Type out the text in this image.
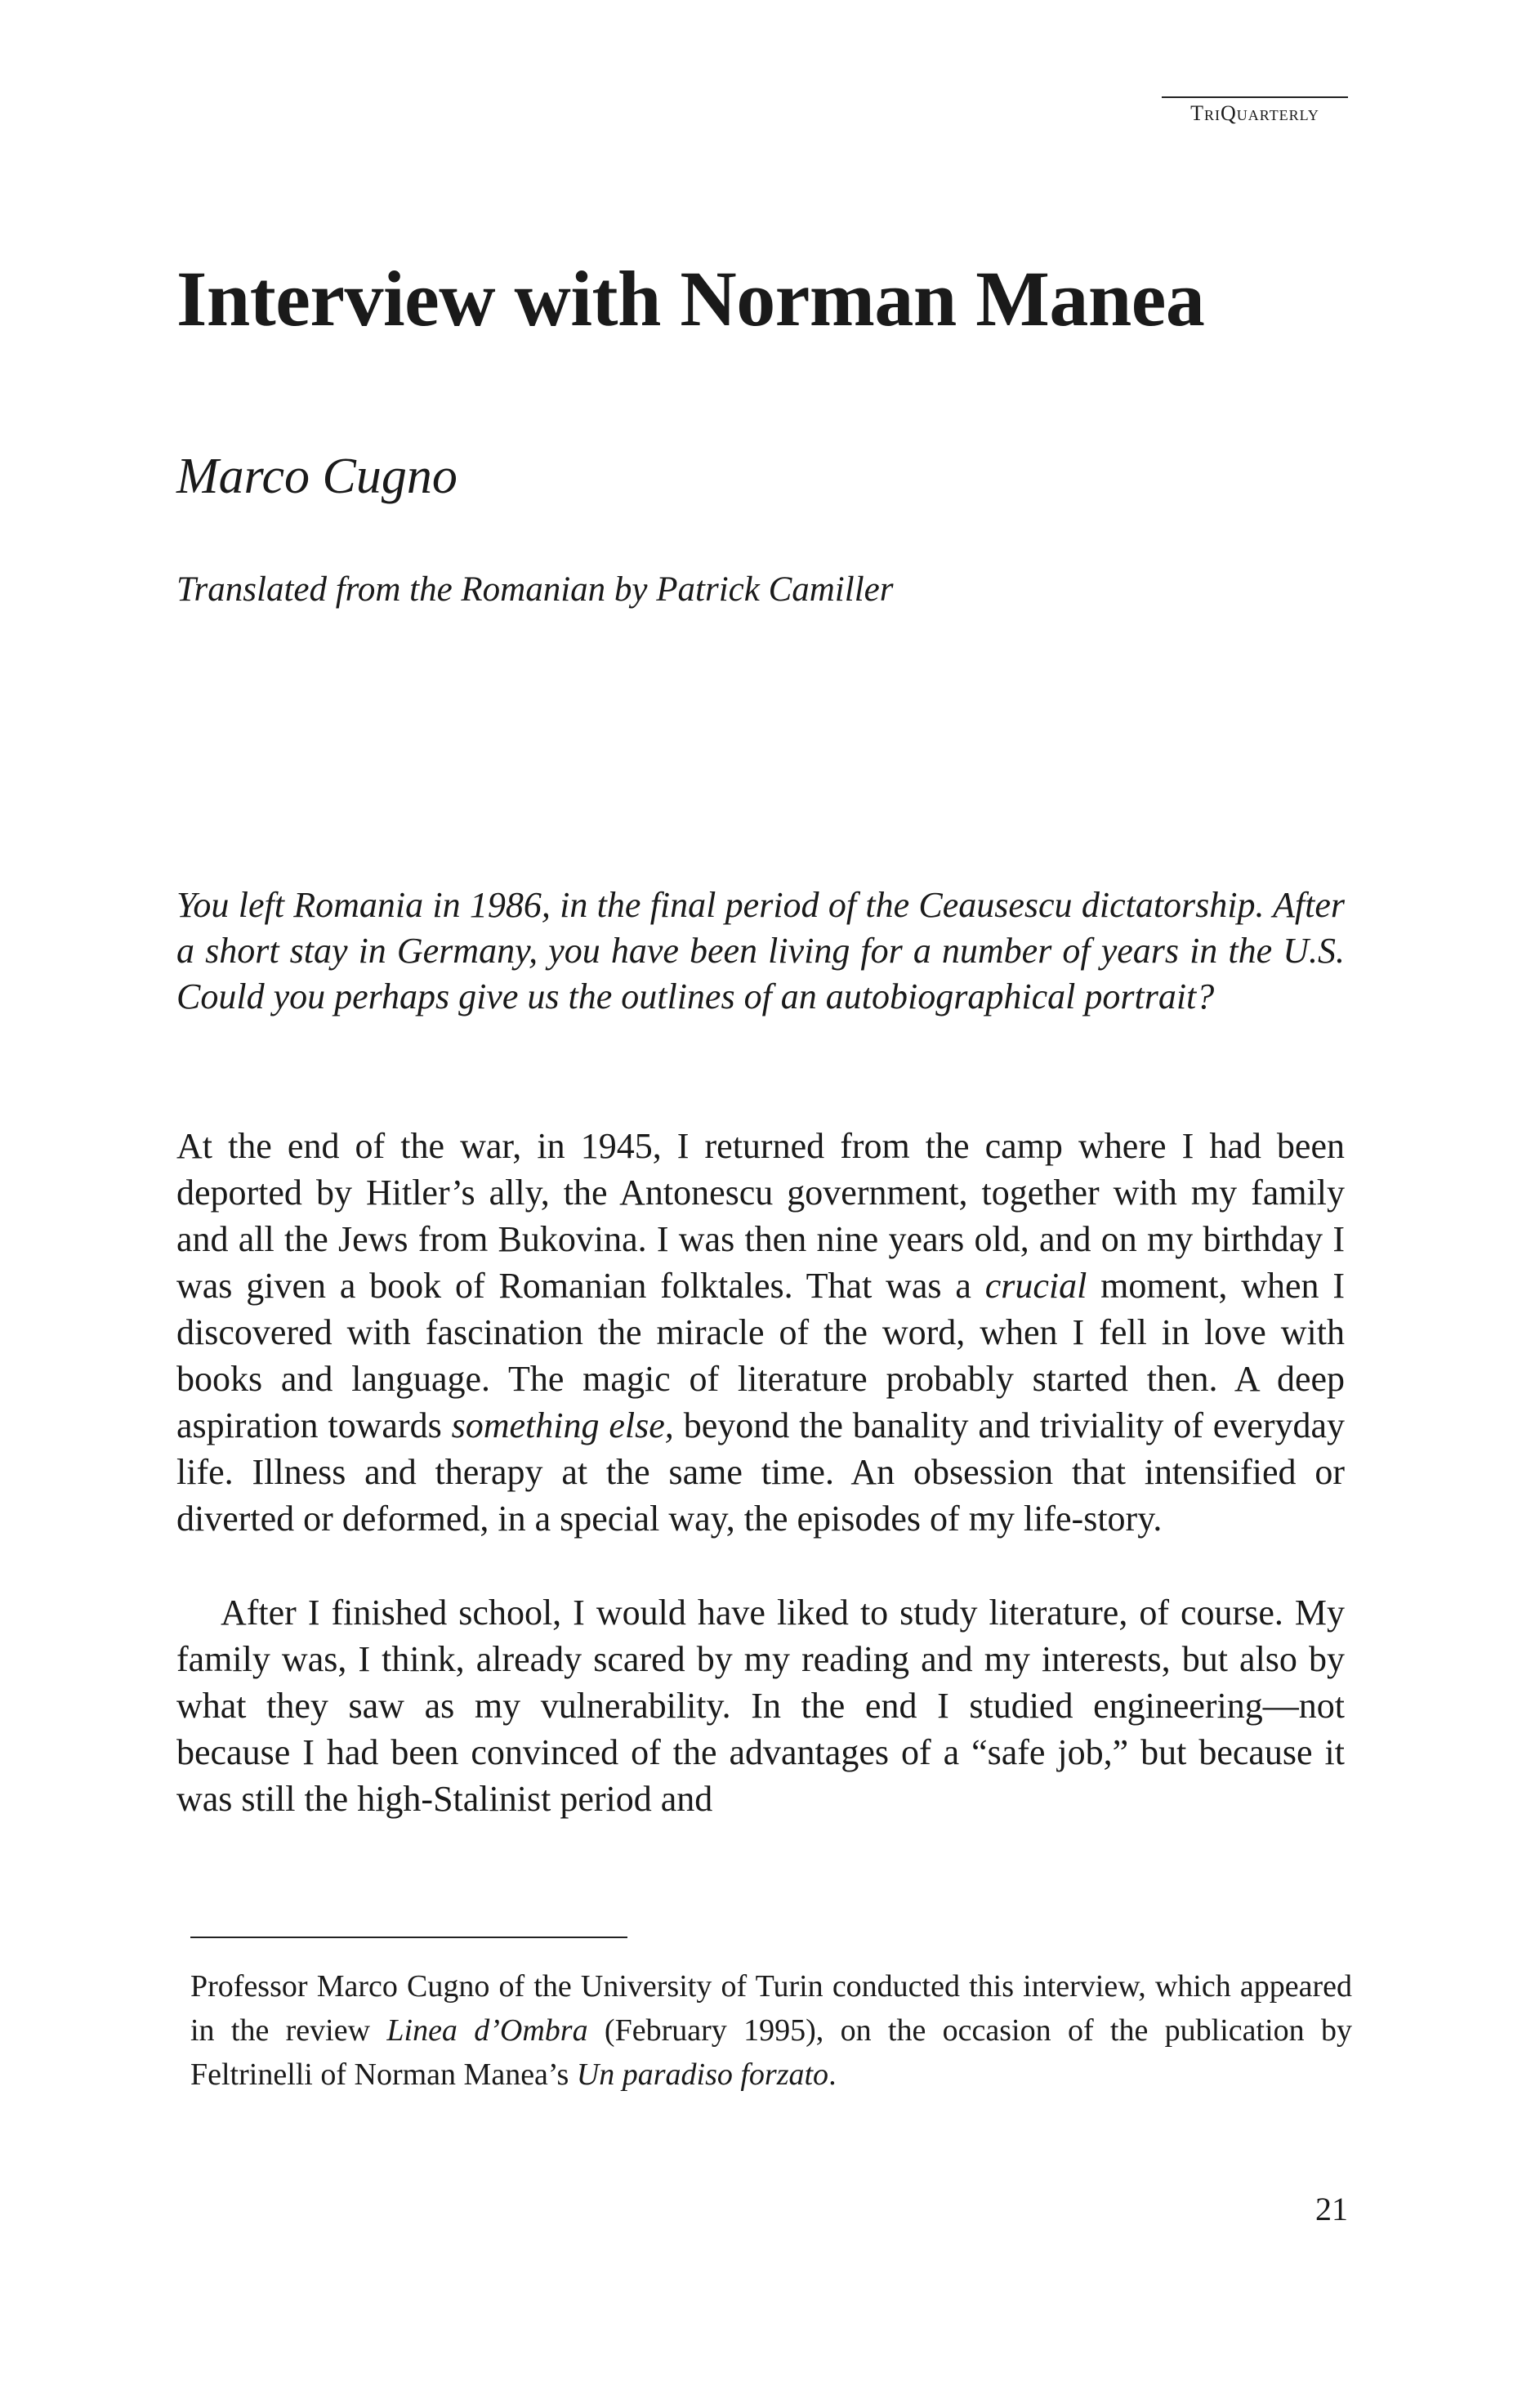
TriQuarterly
Interview with Norman Manea
Marco Cugno
Translated from the Romanian by Patrick Camiller

You left Romania in 1986, in the final period of the Ceausescu dictatorship. After a short stay in Germany, you have been living for a number of years in the U.S. Could you perhaps give us the outlines of an autobiographical portrait?

At the end of the war, in 1945, I returned from the camp where I had been deported by Hitler’s ally, the Antonescu government, together with my family and all the Jews from Bukovina. I was then nine years old, and on my birthday I was given a book of Romanian folktales. That was a crucial moment, when I discovered with fascination the miracle of the word, when I fell in love with books and language. The magic of literature probably started then. A deep aspiration towards something else, beyond the banality and triviality of everyday life. Illness and therapy at the same time. An obsession that intensified or diverted or deformed, in a special way, the episodes of my life-story.

After I finished school, I would have liked to study literature, of course. My family was, I think, already scared by my reading and my interests, but also by what they saw as my vulnerability. In the end I studied engineering—not because I had been convinced of the advantages of a “safe job,” but because it was still the high-Stalinist period and

Professor Marco Cugno of the University of Turin conducted this interview, which appeared in the review Linea d’Ombra (February 1995), on the occasion of the publication by Feltrinelli of Norman Manea’s Un paradiso forzato.

21
